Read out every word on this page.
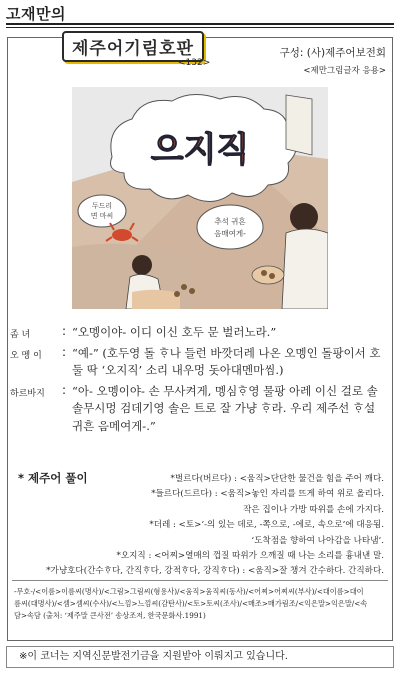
고재만의
제주어기림호판	구성: (사)제주어보전회
<132>
<제만그림글자 응용>
으지직
두드리
면 마씨
추석 귀흔
음매여게-
좀 녀	: “오멩이야- 이디 이신 호두 문 벌러노라.”
오 멩 이	: “예-” (호두영 돌 ᄒᆞ나 들런 바깟더레 나온 오멩인 돌팡이서 호둘 딱 ‘오지직’ 소리 내우멍 돗아대멘마씸.)
하르바지	: “아- 오멩이야- 손 무사켜게, 멩심ᄒᆞ영 물팡 아레 이신 걸로 솔솔무시멍 검데기영 솔은 트로 잘 가냥 ᄒᆞ라. 우리 제주선 ᄒᆞ설 귀흔 음메여게-.”
* 제주어 풀이	*벌르다(버르다) : <움직>단단한 물건을 힘을 주어 깨다.

*들르다(드르다) : <움직>놓인 자리를 뜨게 하여 위로 올리다.

작은 집이나 가방 따위를 손에 가지다.

*더레 : <토>‘-의 있는 데로, -쪽으로, -에로, 속으로’에 대응됨.

‘도착점을 향하여 나아감을 나타냄’.

*오지직 : <어찌>열매의 껍질 따위가 으깨질 때 나는 소리를 흉내낸 말.

*가냥호다(간수ᄒᆞ다, 간직ᄒᆞ다, 강적ᄒᆞ다, 강직ᄒᆞ다) : <움직>잘 챙겨 간수하다. 간직하다.

-무호-/<이름>이름씨(명사)/<그림>그림씨(형용사)/<움직>움직씨(동사)/<어찌>어찌씨(부사)/<대이름>대이

름씨(대명사)/<셈>셈씨(수사)/<느낌>느낌씨(감탄사)/<토>토씨(조사)/<매조>매가림조/<익은말>익은말/<속

담>속담 (출처: ‘제주말 큰사전’ 송상조저, 한국문화사.1991)

※이 코너는 지역신문발전기금을 지원받아 이뤄지고 있습니다.
